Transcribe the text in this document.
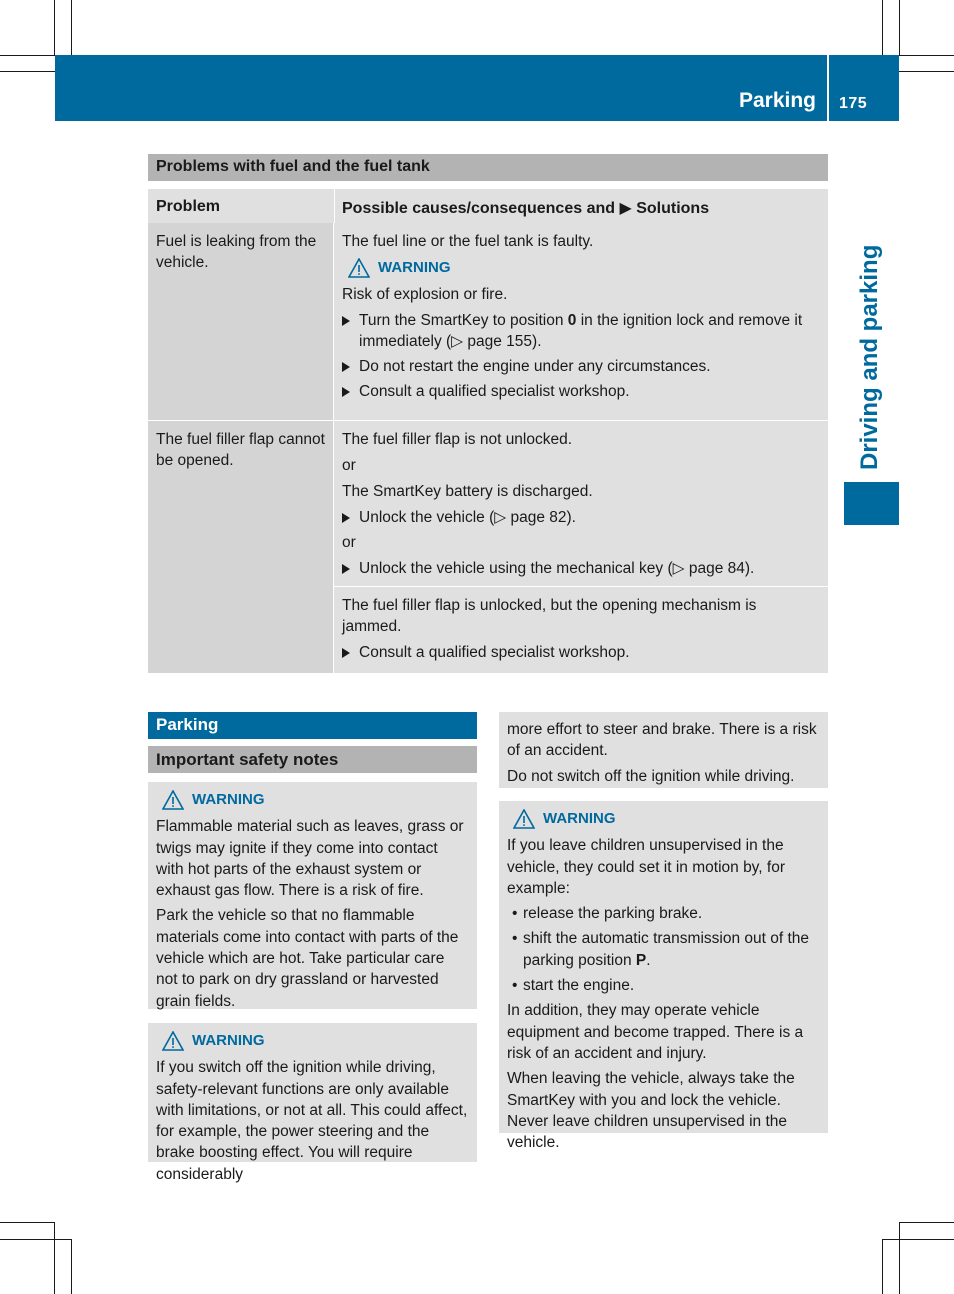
Parking 175
Driving and parking
Problems with fuel and the fuel tank
Problem	Possible causes/consequences and ▶ Solutions
Fuel is leaking from the vehicle.

The fuel line or the fuel tank is faulty.

WARNING

Risk of explosion or fire.

Turn the SmartKey to position 0 in the ignition lock and remove it immediately (▷ page 155).
Do not restart the engine under any circumstances.
Consult a qualified specialist workshop.
The fuel filler flap cannot be opened.

The fuel filler flap is not unlocked.

or

The SmartKey battery is discharged.

Unlock the vehicle (▷ page 82).

or

Unlock the vehicle using the mechanical key (▷ page 84).

The fuel filler flap is unlocked, but the opening mechanism is jammed.

Consult a qualified specialist workshop.
Parking
Important safety notes
WARNING

Flammable material such as leaves, grass or twigs may ignite if they come into contact with hot parts of the exhaust system or exhaust gas flow. There is a risk of fire.

Park the vehicle so that no flammable materials come into contact with parts of the vehicle which are hot. Take particular care not to park on dry grassland or harvested grain fields.

WARNING

If you switch off the ignition while driving, safety-relevant functions are only available with limitations, or not at all. This could affect, for example, the power steering and the brake boosting effect. You will require considerably

more effort to steer and brake. There is a risk of an accident.

Do not switch off the ignition while driving.

WARNING

If you leave children unsupervised in the vehicle, they could set it in motion by, for example:

• release the parking brake.
• shift the automatic transmission out of the parking position P.
• start the engine.

In addition, they may operate vehicle equipment and become trapped. There is a risk of an accident and injury.

When leaving the vehicle, always take the SmartKey with you and lock the vehicle. Never leave children unsupervised in the vehicle.
